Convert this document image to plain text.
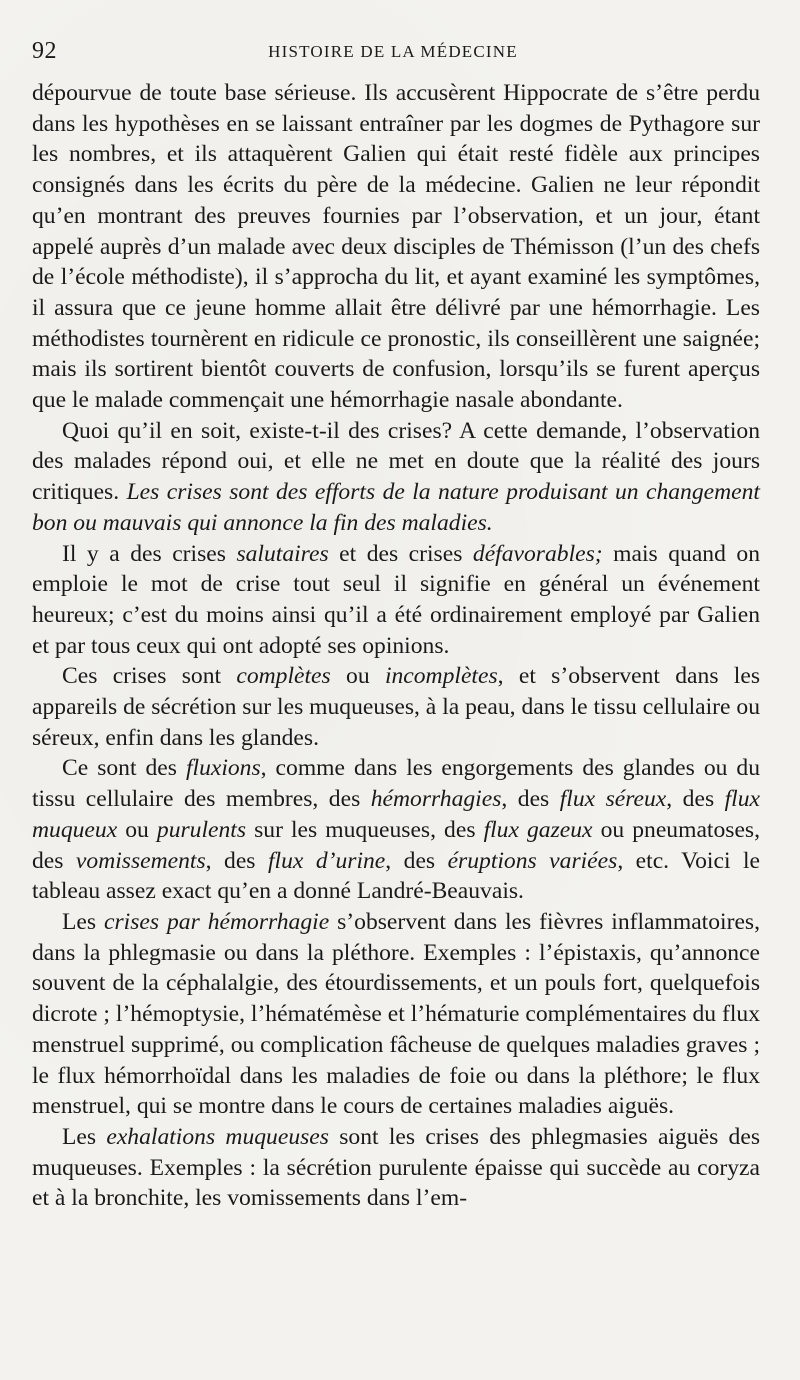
92	HISTOIRE DE LA MÉDECINE

dépourvue de toute base sérieuse. Ils accusèrent Hippocrate de s’être perdu dans les hypothèses en se laissant entraîner par les dogmes de Pythagore sur les nombres, et ils attaquèrent Galien qui était resté fidèle aux principes consignés dans les écrits du père de la médecine. Galien ne leur répondit qu’en montrant des preuves fournies par l’observation, et un jour, étant appelé auprès d’un malade avec deux disciples de Thémisson (l’un des chefs de l’école méthodiste), il s’approcha du lit, et ayant examiné les symptômes, il assura que ce jeune homme allait être délivré par une hémorrhagie. Les méthodistes tournèrent en ridicule ce pronostic, ils conseillèrent une saignée; mais ils sortirent bientôt couverts de confusion, lorsqu’ils se furent aperçus que le malade commençait une hémorrhagie nasale abondante.

Quoi qu’il en soit, existe-t-il des crises? A cette demande, l’observation des malades répond oui, et elle ne met en doute que la réalité des jours critiques. Les crises sont des efforts de la nature produisant un changement bon ou mauvais qui annonce la fin des maladies.

Il y a des crises salutaires et des crises défavorables; mais quand on emploie le mot de crise tout seul il signifie en général un événement heureux; c’est du moins ainsi qu’il a été ordinairement employé par Galien et par tous ceux qui ont adopté ses opinions.

Ces crises sont complètes ou incomplètes, et s’observent dans les appareils de sécrétion sur les muqueuses, à la peau, dans le tissu cellulaire ou séreux, enfin dans les glandes.

Ce sont des fluxions, comme dans les engorgements des glandes ou du tissu cellulaire des membres, des hémorrhagies, des flux séreux, des flux muqueux ou purulents sur les muqueuses, des flux gazeux ou pneumatoses, des vomissements, des flux d’urine, des éruptions variées, etc. Voici le tableau assez exact qu’en a donné Landré-Beauvais.

Les crises par hémorrhagie s’observent dans les fièvres inflammatoires, dans la phlegmasie ou dans la pléthore. Exemples : l’épistaxis, qu’annonce souvent de la céphalalgie, des étourdissements, et un pouls fort, quelquefois dicrote ; l’hémoptysie, l’hématémèse et l’hématurie complémentaires du flux menstruel supprimé, ou complication fâcheuse de quelques maladies graves ; le flux hémorrhoïdal dans les maladies de foie ou dans la pléthore; le flux menstruel, qui se montre dans le cours de certaines maladies aiguës.

Les exhalations muqueuses sont les crises des phlegmasies aiguës des muqueuses. Exemples : la sécrétion purulente épaisse qui succède au coryza et à la bronchite, les vomissements dans l’em-
